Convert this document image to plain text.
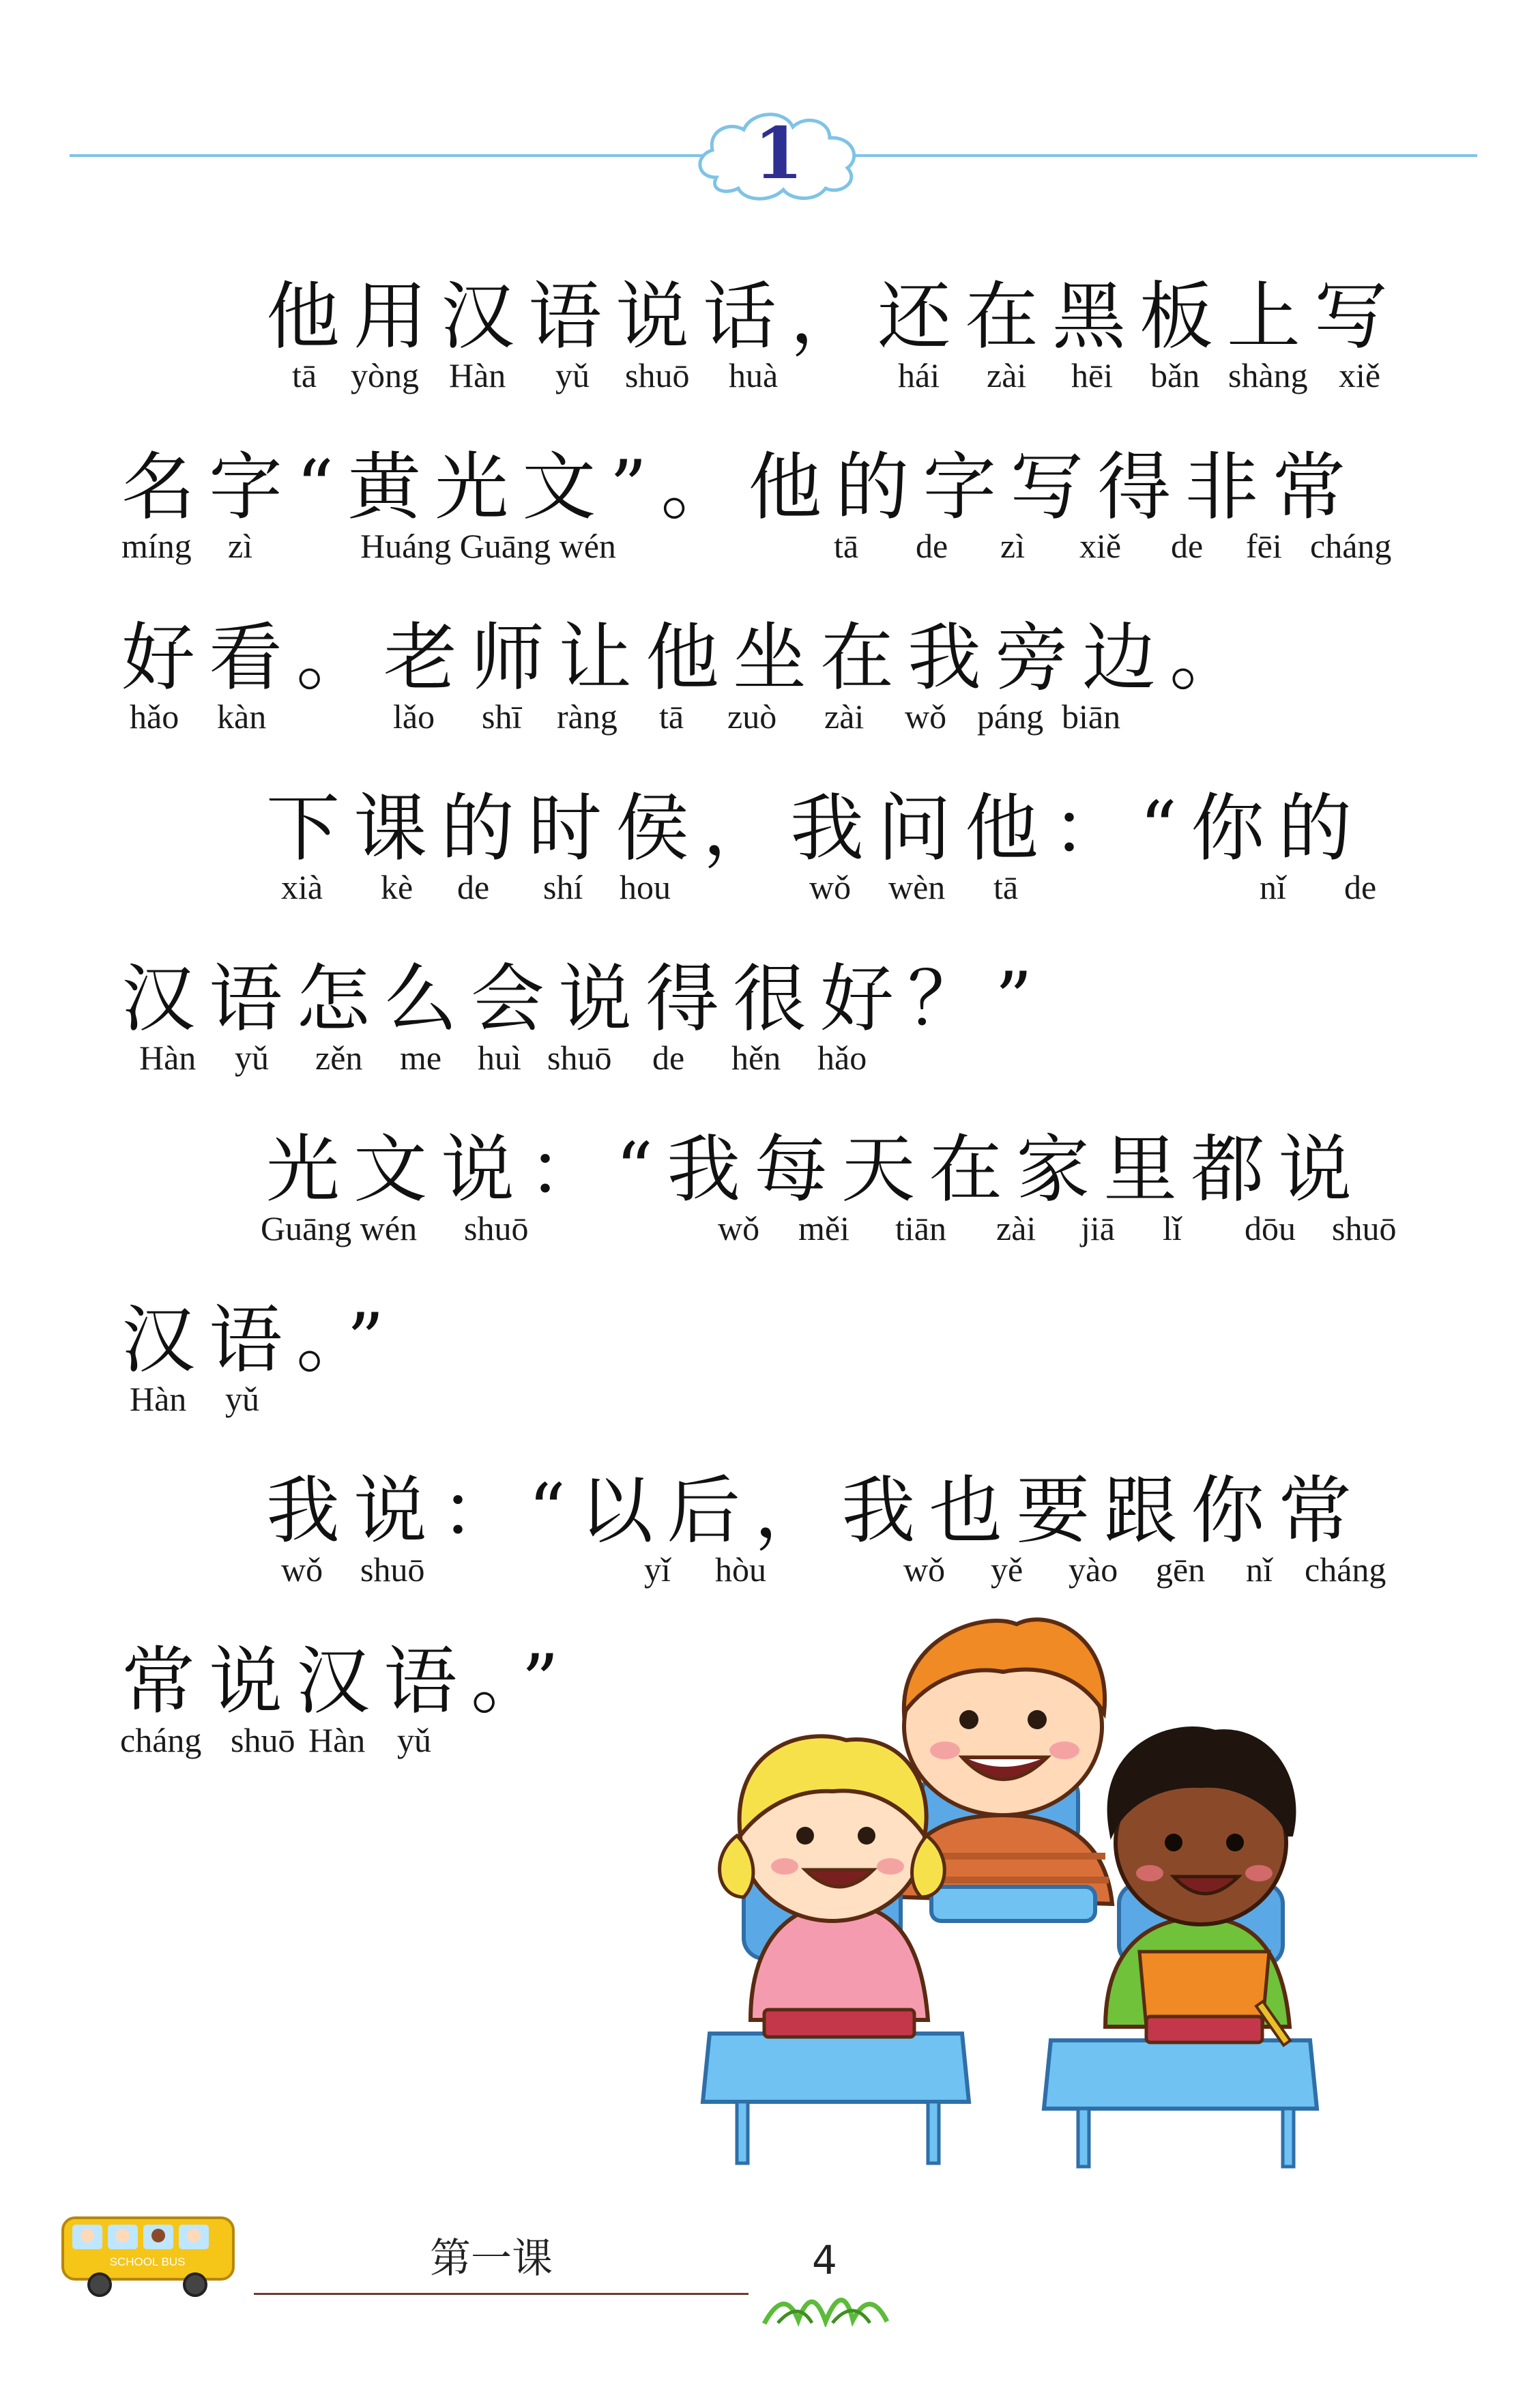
1
他用汉语说话，还在黑板上写
tā yòng Hàn yǔ shuō huà	hái zài hēi bǎn shàng xiě
名字“黄光文”。他的字写得非常
míng zì	Huáng Guāng wén	tā de zì xiě de fēi cháng
好看。老师让他坐在我旁边。
hǎo kàn	lǎo shī ràng tā zuò zài wǒ páng biān
下课的时侯，我问他：“你的
xià kè de shí hou	wǒ wèn tā	nǐ de
汉语怎么会说得很好？”
Hàn yǔ zěn me huì shuō de hěn hǎo
光文说：“我每天在家里都说
Guāng wén shuō	wǒ měi tiān zài jiā lǐ dōu shuō
汉语。”
Hàn yǔ
我说：“以后，我也要跟你常
wǒ shuō	yǐ hòu	wǒ yě yào gēn nǐ cháng
常说汉语。”
cháng shuō Hàn yǔ
SCHOOL BUS	第一课	4
